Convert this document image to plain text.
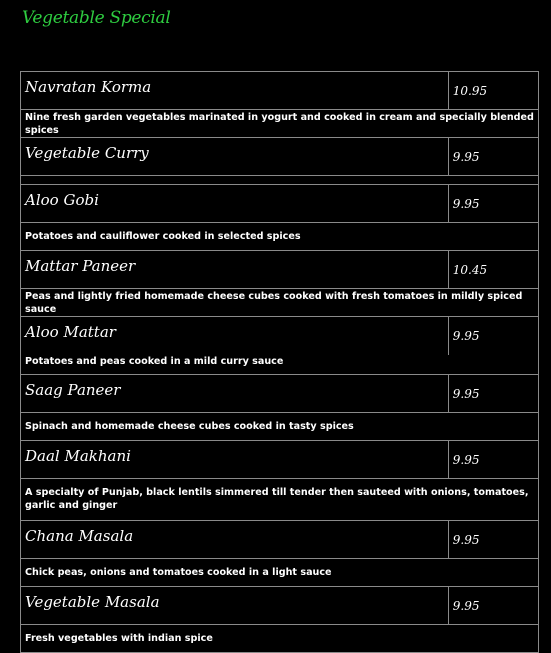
Vegetable Special
Navratan Korma	10.95
Nine fresh garden vegetables marinated in yogurt and cooked in cream and specially blended spices	
Vegetable Curry	9.95

Aloo Gobi	9.95
Potatoes and cauliflower cooked in selected spices	
Mattar Paneer	10.45
Peas and lightly fried homemade cheese cubes cooked with fresh tomatoes in mildly spiced sauce	
Aloo Mattar	9.95
Potatoes and peas cooked in a mild curry sauce	
Saag Paneer	9.95
Spinach and homemade cheese cubes cooked in tasty spices	
Daal Makhani	9.95
A specialty of Punjab, black lentils simmered till tender then sauteed with onions, tomatoes, garlic and ginger	
Chana Masala	9.95
Chick peas, onions and tomatoes cooked in a light sauce	
Vegetable Masala	9.95
Fresh vegetables with indian spice	
